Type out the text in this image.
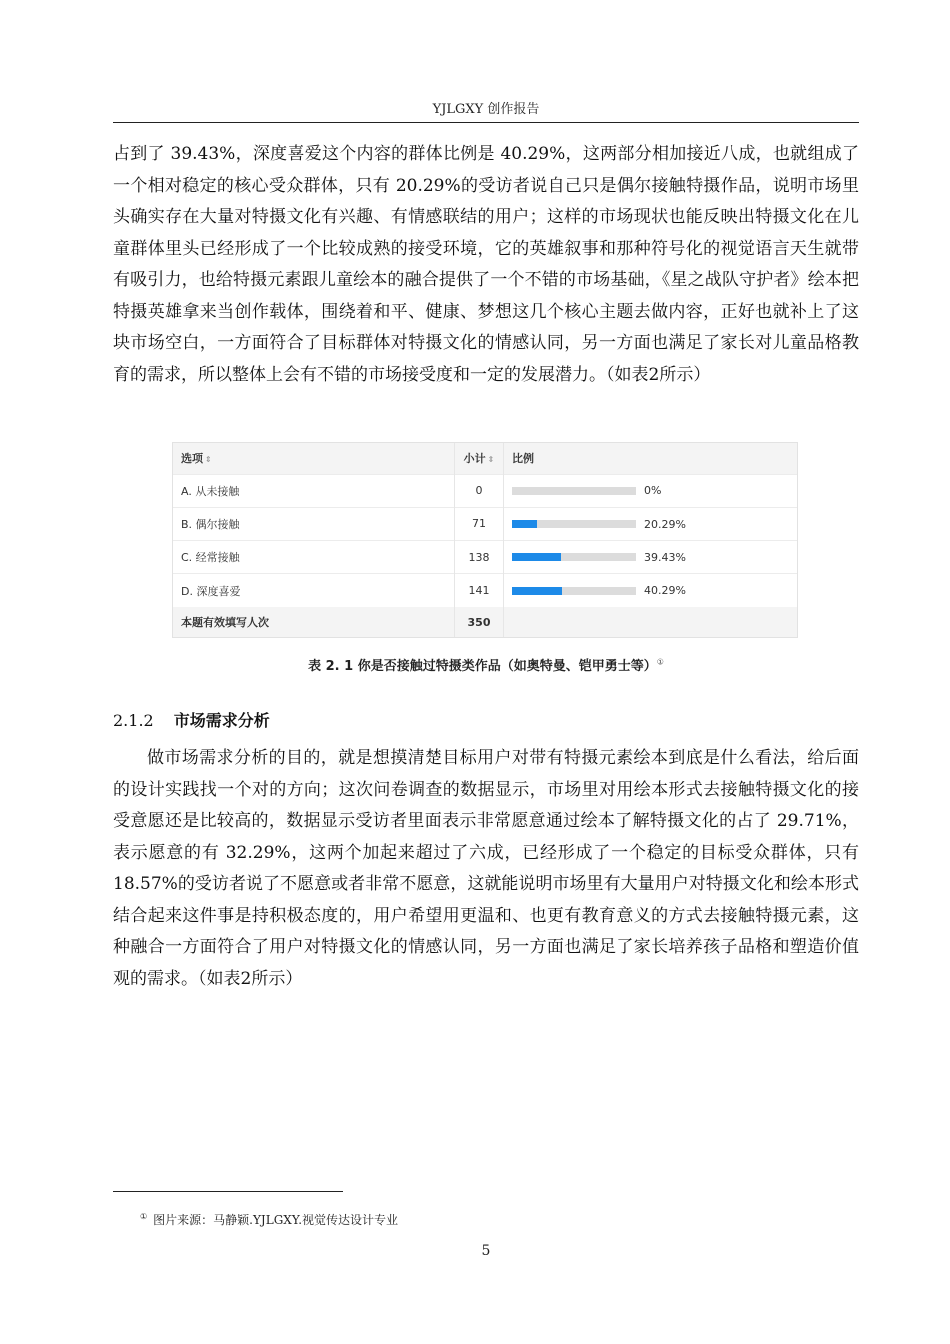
YJLGXY 创作报告

占到了 39.43%，深度喜爱这个内容的群体比例是 40.29%，这两部分相加接近八成，也就组成了一个相对稳定的核心受众群体，只有 20.29%的受访者说自己只是偶尔接触特摄作品，说明市场里头确实存在大量对特摄文化有兴趣、有情感联结的用户；这样的市场现状也能反映出特摄文化在儿童群体里头已经形成了一个比较成熟的接受环境，它的英雄叙事和那种符号化的视觉语言天生就带有吸引力，也给特摄元素跟儿童绘本的融合提供了一个不错的市场基础，《星之战队守护者》绘本把特摄英雄拿来当创作载体，围绕着和平、健康、梦想这几个核心主题去做内容，正好也就补上了这块市场空白，一方面符合了目标群体对特摄文化的情感认同，另一方面也满足了家长对儿童品格教育的需求，所以整体上会有不错的市场接受度和一定的发展潜力。（如表2所示）

选项 ⇕	小计 ⇕	比例
A. 从未接触	0	0%
B. 偶尔接触	71	20.29%
C. 经常接触	138	39.43%
D. 深度喜爱	141	40.29%
本题有效填写人次	350	
表 2. 1 你是否接触过特摄类作品（如奥特曼、铠甲勇士等）①
2.1.2 市场需求分析

做市场需求分析的目的，就是想摸清楚目标用户对带有特摄元素绘本到底是什么看法，给后面的设计实践找一个对的方向；这次问卷调查的数据显示，市场里对用绘本形式去接触特摄文化的接受意愿还是比较高的，数据显示受访者里面表示非常愿意通过绘本了解特摄文化的占了 29.71%，表示愿意的有 32.29%，这两个加起来超过了六成，已经形成了一个稳定的目标受众群体，只有 18.57%的受访者说了不愿意或者非常不愿意，这就能说明市场里有大量用户对特摄文化和绘本形式结合起来这件事是持积极态度的，用户希望用更温和、也更有教育意义的方式去接触特摄元素，这种融合一方面符合了用户对特摄文化的情感认同，另一方面也满足了家长培养孩子品格和塑造价值观的需求。（如表2所示）

① 图片来源：马静颖.YJLGXY.视觉传达设计专业
5
